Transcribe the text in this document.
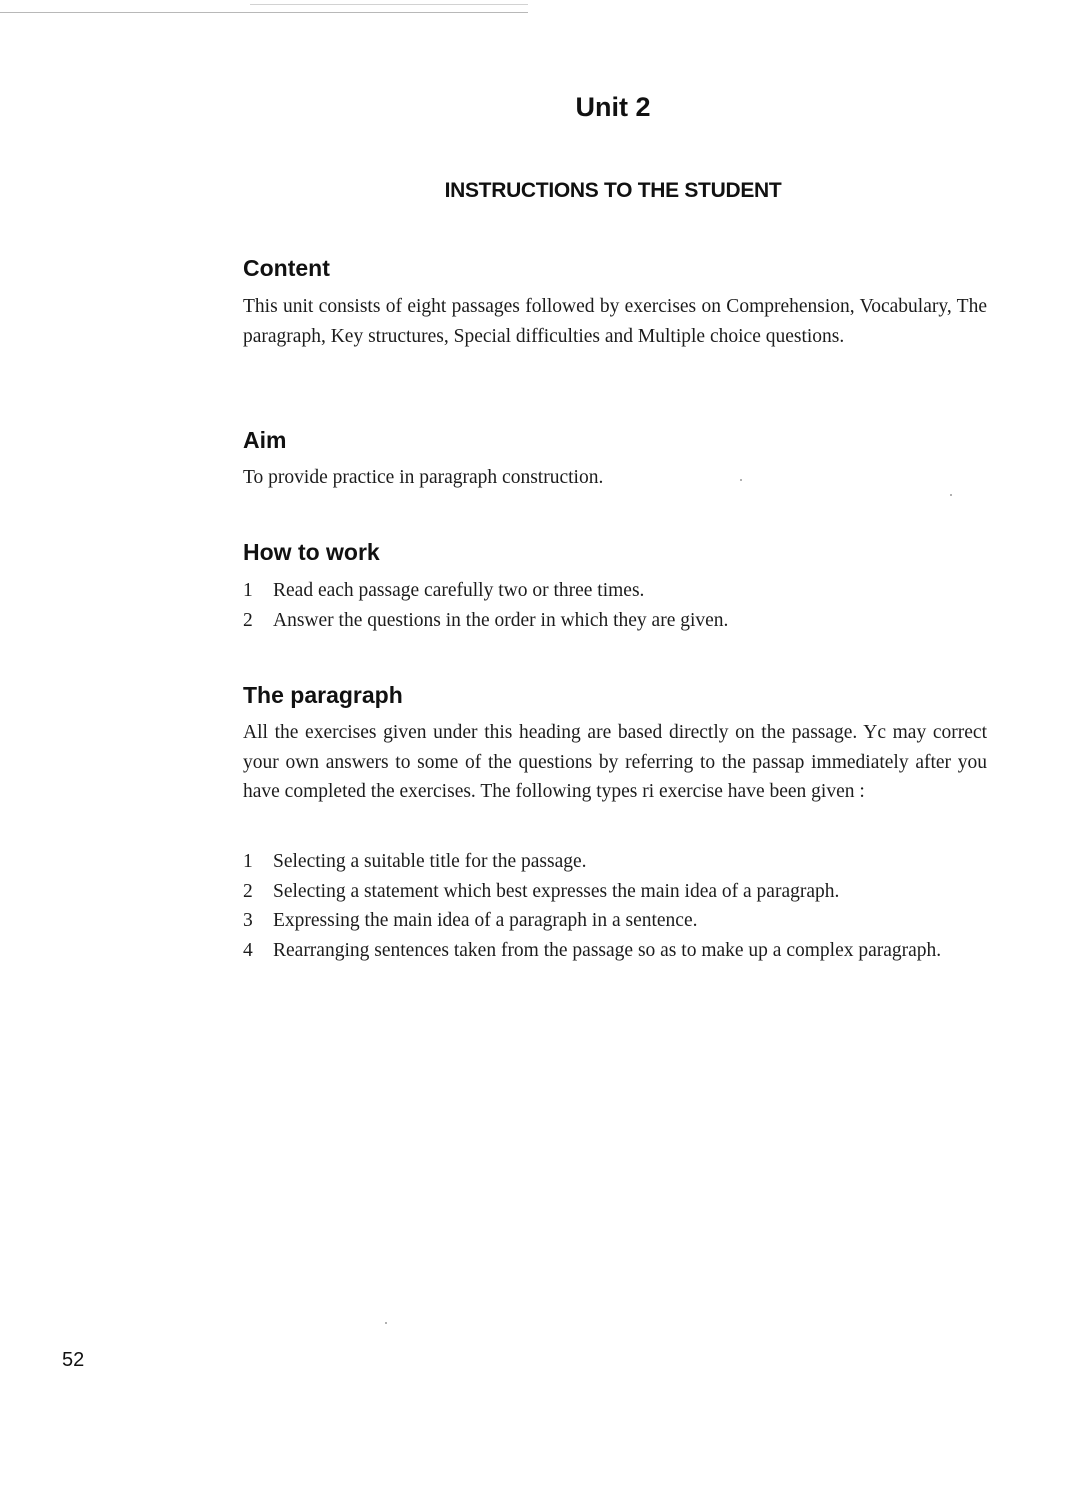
Unit 2
INSTRUCTIONS TO THE STUDENT
Content
This unit consists of eight passages followed by exercises on Comprehension, Vocabulary, The paragraph, Key structures, Special difficulties and Multiple choice questions.
Aim
To provide practice in paragraph construction.
How to work
1	Read each passage carefully two or three times.
2	Answer the questions in the order in which they are given.
The paragraph
All the exercises given under this heading are based directly on the passage. Yc may correct your own answers to some of the questions by referring to the passap immediately after you have completed the exercises. The following types ri exercise have been given :
1	Selecting a suitable title for the passage.
2	Selecting a statement which best expresses the main idea of a paragraph.
3	Expressing the main idea of a paragraph in a sentence.
4	Rearranging sentences taken from the passage so as to make up a complex paragraph.
52
